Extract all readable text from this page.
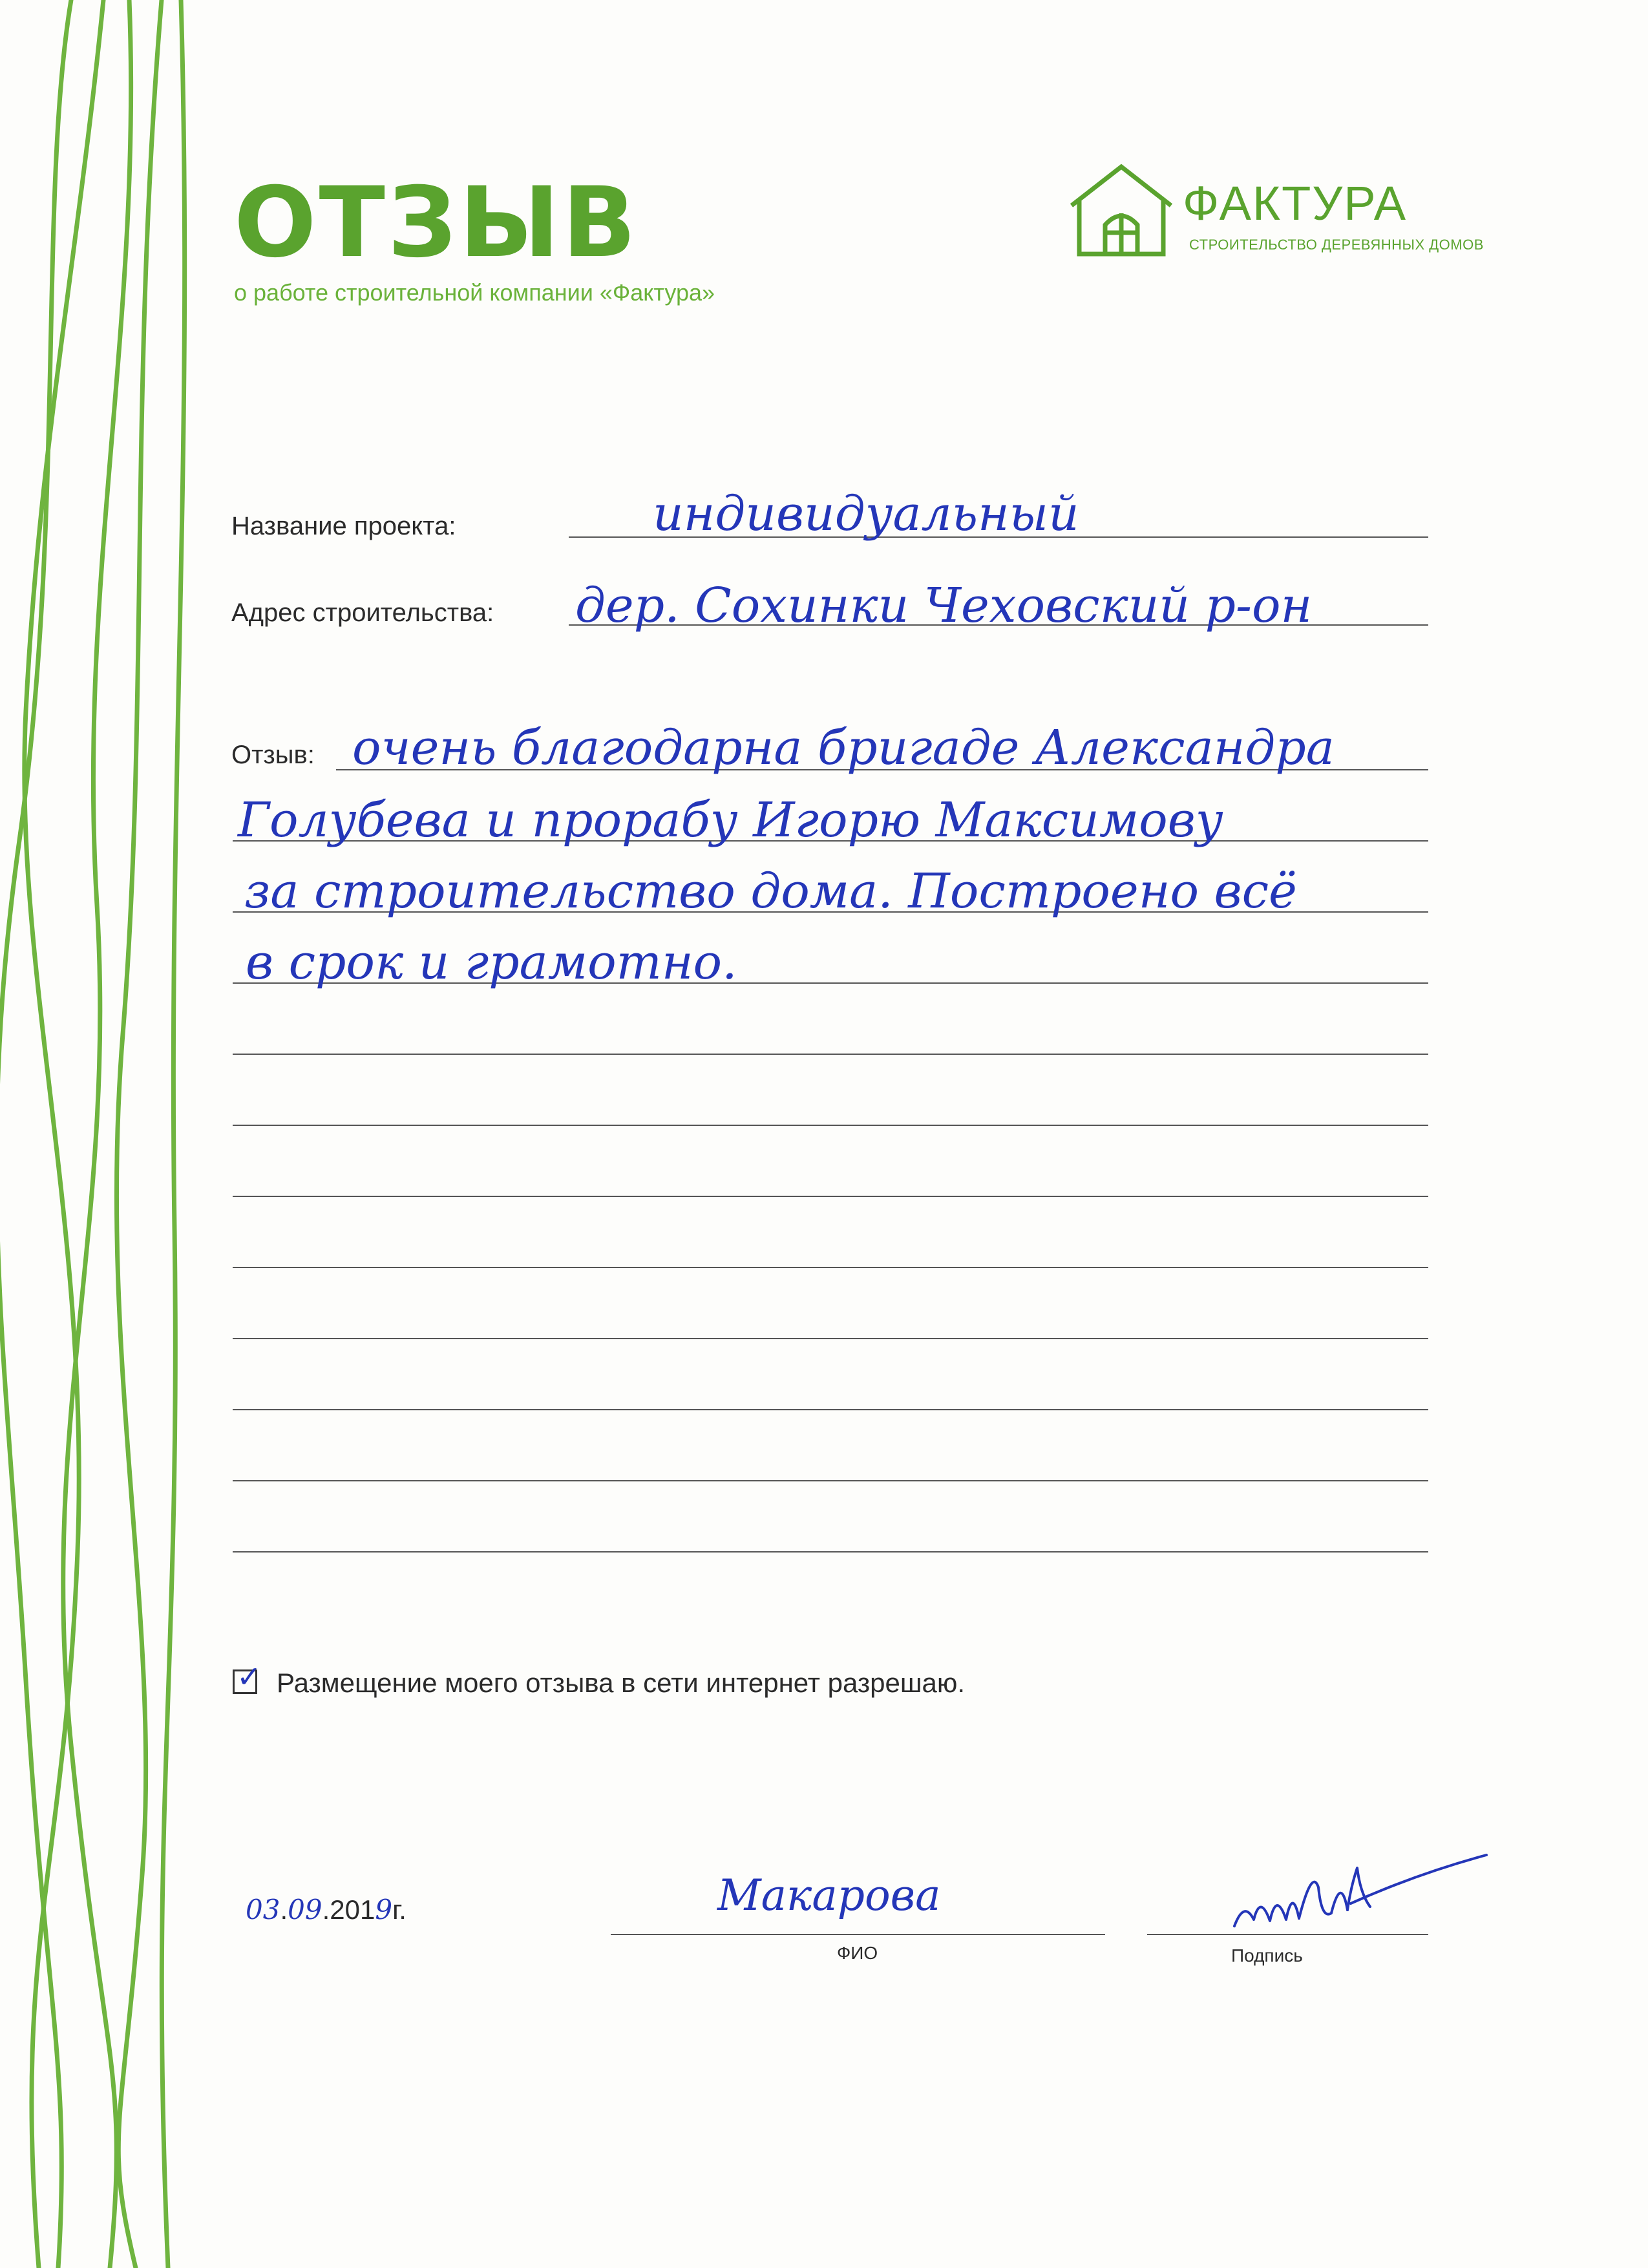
ОТЗЫВ
о работе строительной компании «Фактура»
ФАКТУРА
СТРОИТЕЛЬСТВО ДЕРЕВЯННЫХ ДОМОВ
Название проекта:	индивидуальный
Адрес строительства: дер. Сохинки Чеховский р-он
Отзыв: очень благодарна бригаде Александра
Голубева и прорабу Игорю Максимову
за строительство дома. Построено всё
в срок и грамотно.
✓ Размещение моего отзыва в сети интернет разрешаю.
03.09.2019г.	Макарова
ФИО	Подпись
